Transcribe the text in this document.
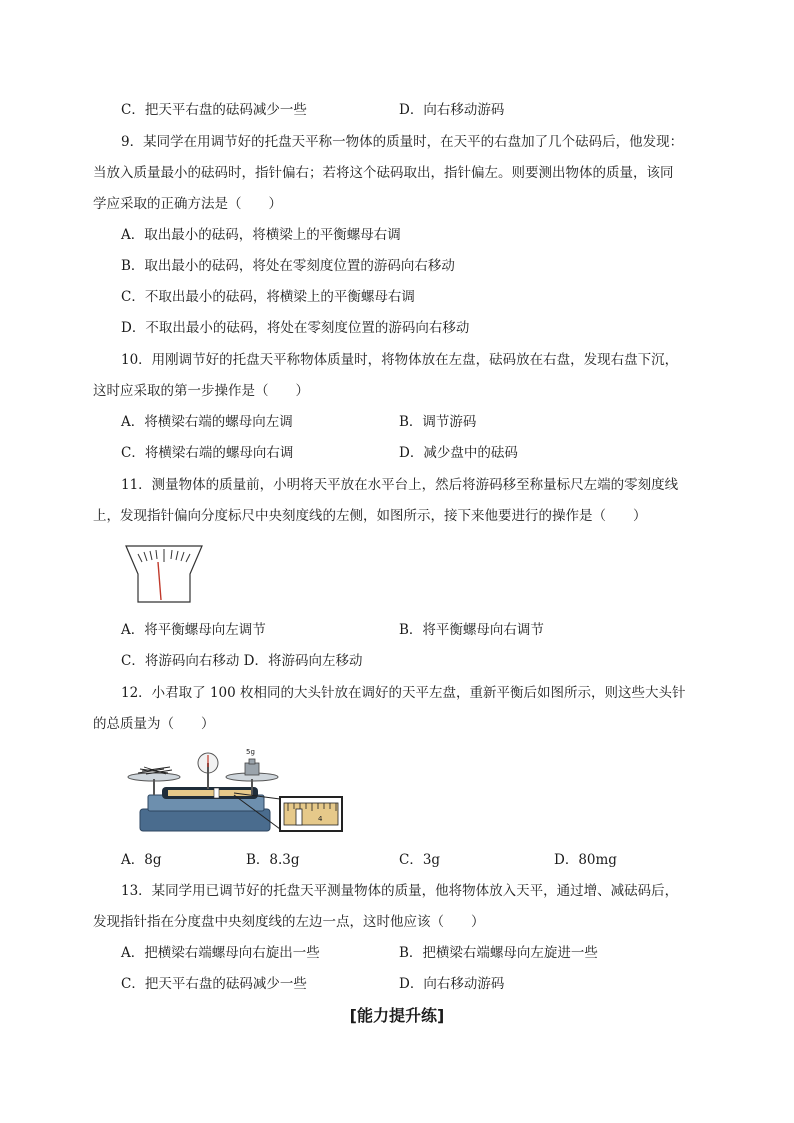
C．把天平右盘的砝码减少一些	D．向右移动游码
9．某同学在用调节好的托盘天平称一物体的质量时，在天平的右盘加了几个砝码后，他发现：
当放入质量最小的砝码时，指针偏右；若将这个砝码取出，指针偏左。则要测出物体的质量，该同
学应采取的正确方法是（　　）
A．取出最小的砝码，将横梁上的平衡螺母右调
B．取出最小的砝码，将处在零刻度位置的游码向右移动
C．不取出最小的砝码，将横梁上的平衡螺母右调
D．不取出最小的砝码，将处在零刻度位置的游码向右移动
10．用刚调节好的托盘天平称物体质量时，将物体放在左盘，砝码放在右盘，发现右盘下沉，
这时应采取的第一步操作是（　　）
A．将横梁右端的螺母向左调	B．调节游码
C．将横梁右端的螺母向右调	D．减少盘中的砝码
11．测量物体的质量前，小明将天平放在水平台上，然后将游码移至称量标尺左端的零刻度线
上，发现指针偏向分度标尺中央刻度线的左侧，如图所示，接下来他要进行的操作是（　　）
A．将平衡螺母向左调节	B．将平衡螺母向右调节
C．将游码向右移动 D．将游码向左移动
12．小君取了 100 枚相同的大头针放在调好的天平左盘，重新平衡后如图所示，则这些大头针
的总质量为（　　）
5g
4
A．8g	B．8.3g	C．3g	D．80mg
13．某同学用已调节好的托盘天平测量物体的质量，他将物体放入天平，通过增、减砝码后，
发现指针指在分度盘中央刻度线的左边一点，这时他应该（　　）
A．把横梁右端螺母向右旋出一些	B．把横梁右端螺母向左旋进一些
C．把天平右盘的砝码减少一些	D．向右移动游码
[能力提升练]
